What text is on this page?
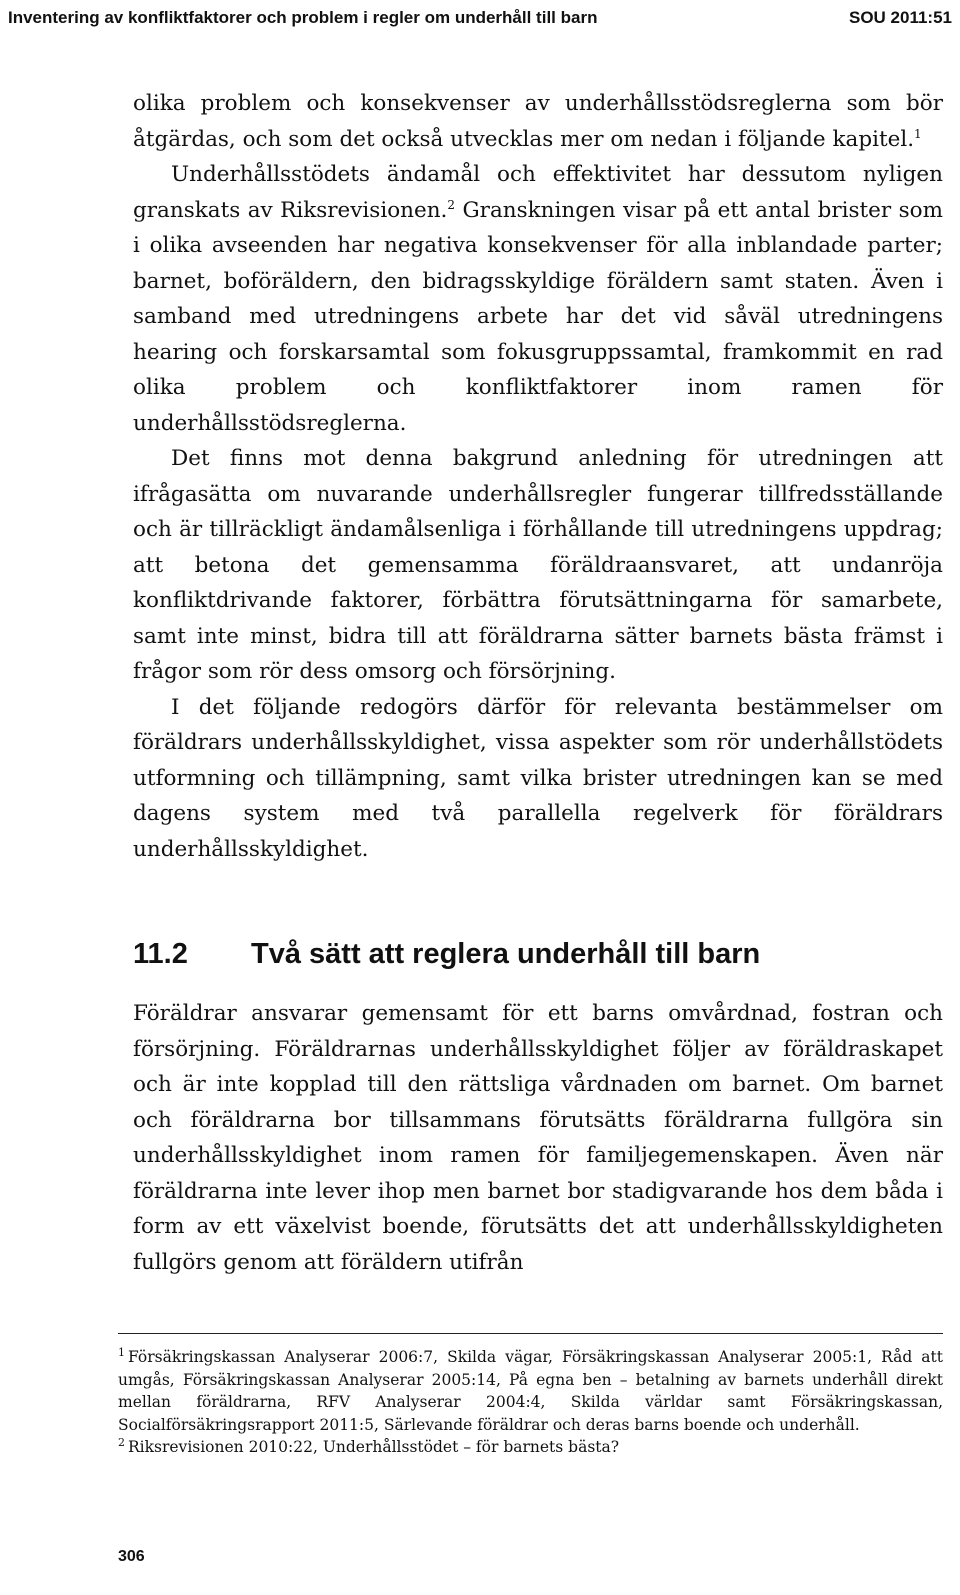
Inventering av konfliktfaktorer och problem i regler om underhåll till barn	SOU 2011:51

olika problem och konsekvenser av underhållsstödsreglerna som bör åtgärdas, och som det också utvecklas mer om nedan i följande kapitel.$^1$

Underhållsstödets ändamål och effektivitet har dessutom nyligen granskats av Riksrevisionen.$^2$ Granskningen visar på ett antal brister som i olika avseenden har negativa konsekvenser för alla inblandade parter; barnet, boföräldern, den bidragsskyldige föräldern samt staten. Även i samband med utredningens arbete har det vid såväl utredningens hearing och forskarsamtal som fokusgruppssamtal, framkommit en rad olika problem och konfliktfaktorer inom ramen för underhållsstödsreglerna.

Det finns mot denna bakgrund anledning för utredningen att ifrågasätta om nuvarande underhållsregler fungerar tillfredsställande och är tillräckligt ändamålsenliga i förhållande till utredningens uppdrag; att betona det gemensamma föräldraansvaret, att undanröja konfliktdrivande faktorer, förbättra förutsättningarna för samarbete, samt inte minst, bidra till att föräldrarna sätter barnets bästa främst i frågor som rör dess omsorg och försörjning.

I det följande redogörs därför för relevanta bestämmelser om föräldrars underhållsskyldighet, vissa aspekter som rör underhållstödets utformning och tillämpning, samt vilka brister utredningen kan se med dagens system med två parallella regelverk för föräldrars underhållsskyldighet.

11.2 Två sätt att reglera underhåll till barn

Föräldrar ansvarar gemensamt för ett barns omvårdnad, fostran och försörjning. Föräldrarnas underhållsskyldighet följer av föräldraskapet och är inte kopplad till den rättsliga vårdnaden om barnet. Om barnet och föräldrarna bor tillsammans förutsätts föräldrarna fullgöra sin underhållsskyldighet inom ramen för familjegemenskapen. Även när föräldrarna inte lever ihop men barnet bor stadigvarande hos dem båda i form av ett växelvist boende, förutsätts det att underhållsskyldigheten fullgörs genom att föräldern utifrån

$^1$ Försäkringskassan Analyserar 2006:7, Skilda vägar, Försäkringskassan Analyserar 2005:1, Råd att umgås, Försäkringskassan Analyserar 2005:14, På egna ben – betalning av barnets underhåll direkt mellan föräldrarna, RFV Analyserar 2004:4, Skilda världar samt Försäkringskassan, Socialförsäkringsrapport 2011:5, Särlevande föräldrar och deras barns boende och underhåll.

$^2$ Riksrevisionen 2010:22, Underhållsstödet – för barnets bästa?

306
